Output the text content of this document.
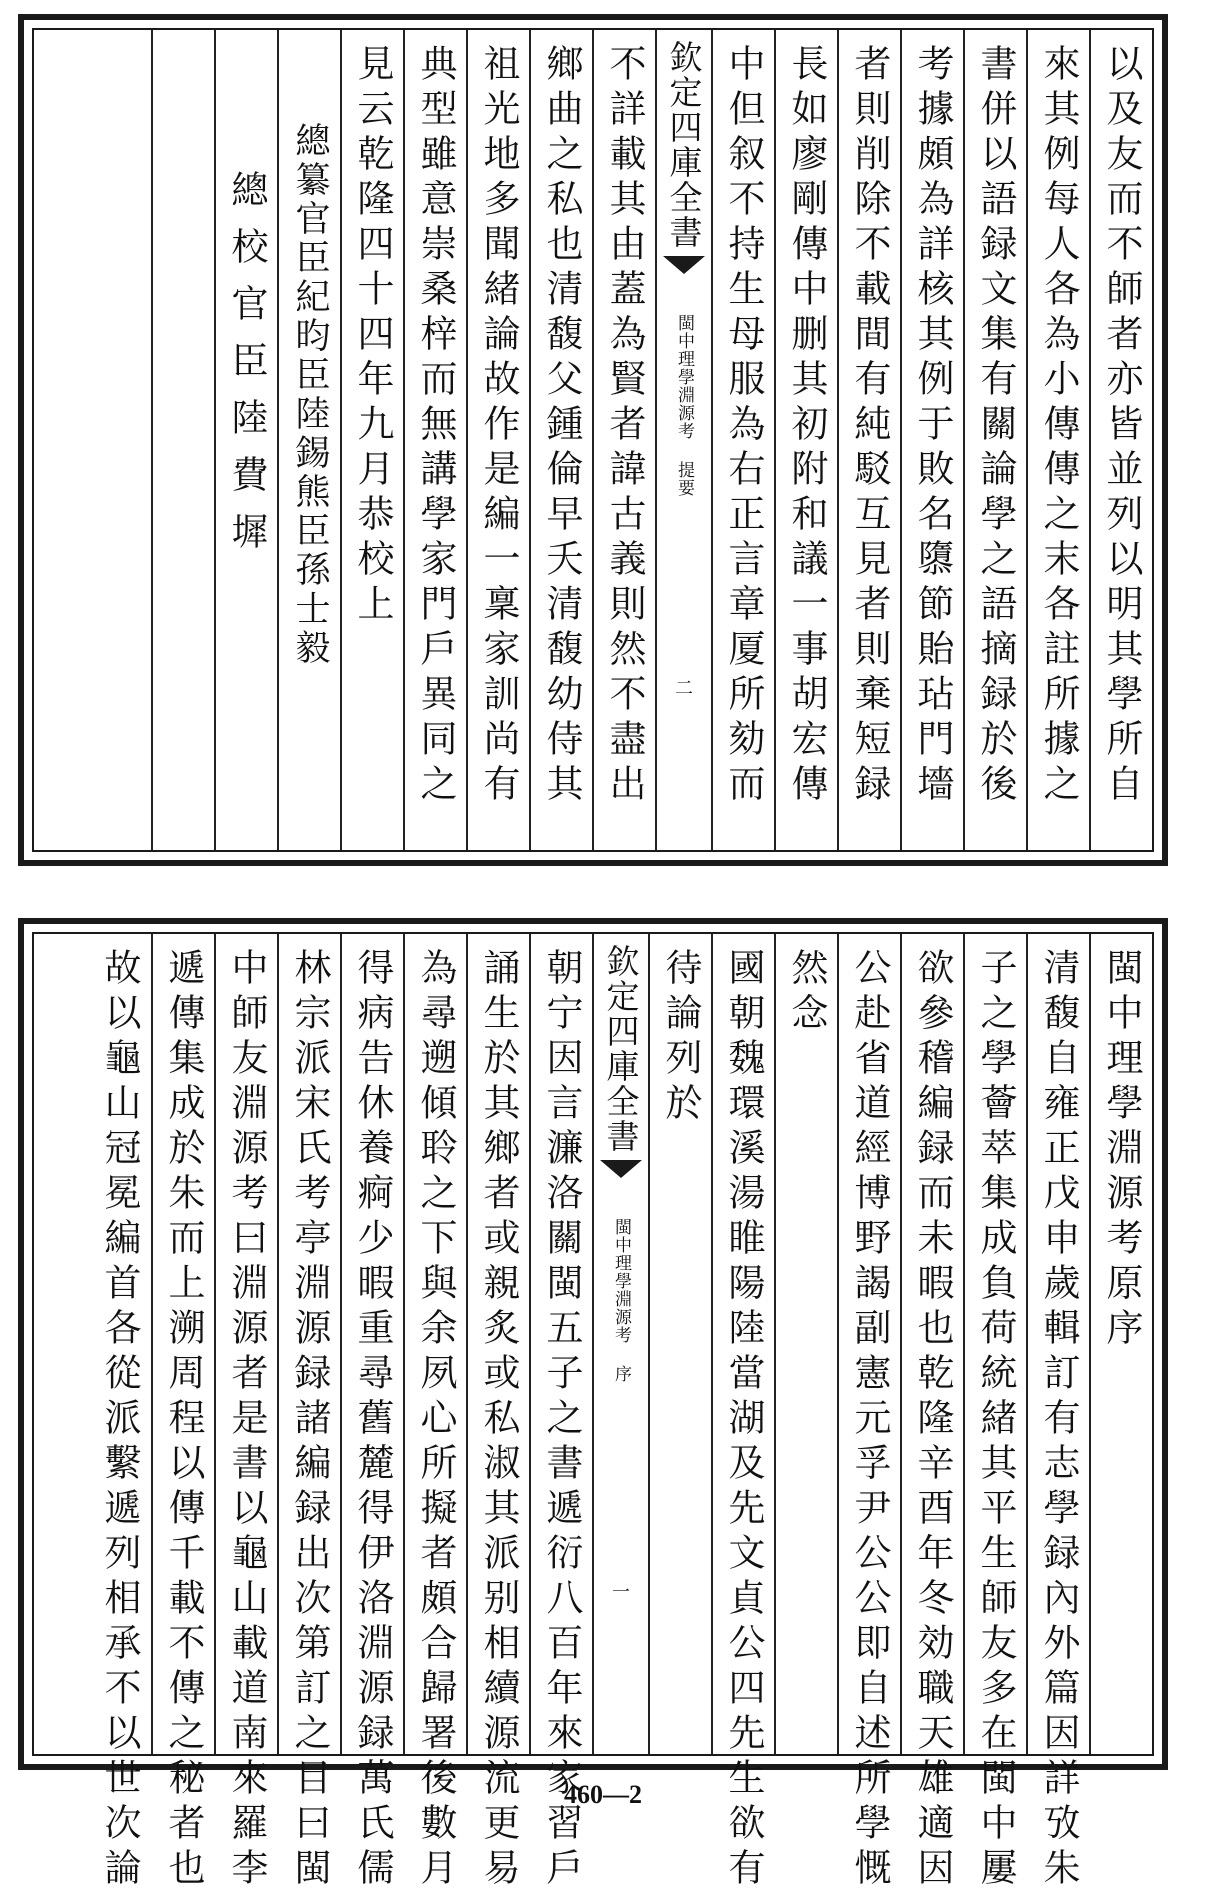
以及友而不師者亦皆並列以明其學所自
來其例每人各為小傳傳之末各註所據之
書併以語録文集有關論學之語摘録於後
考據頗為詳核其例于敗名隳節貽玷門墻
者則削除不載間有純駁互見者則棄短録
長如廖剛傳中删其初附和議一事胡宏傳
中但叙不持生母服為右正言章厦所劾而
欽定四庫全書
閩中理學淵源考 提要
二
不詳載其由蓋為賢者諱古義則然不盡出
鄉曲之私也清馥父鍾倫早夭清馥幼侍其
祖光地多聞緒論故作是編一稟家訓尚有
典型雖意崇桑梓而無講學家門戶異同之
見云乾隆四十四年九月恭校上
總纂官臣紀昀臣陸錫熊臣孫士毅
總校官臣陸費墀
閩中理學淵源考原序
清馥自雍正戊申歲輯訂有志學録內外篇因詳攷朱
子之學薈萃集成負荷統緒其平生師友多在閩中屢
欲參稽編録而未暇也乾隆辛酉年冬効職天雄適因
公赴省道經博野謁副憲元孚尹公公即自述所學慨
然念
國朝魏環溪湯睢陽陸當湖及先文貞公四先生欲有
待論列於
欽定四庫全書
閩中理學淵源考 序
一
朝宁因言濂洛關閩五子之書遞衍八百年來家習戶
誦生於其鄉者或親炙或私淑其派别相續源流更易
為尋遡傾聆之下與余夙心所擬者頗合歸署後數月
得病告休養痾少暇重尋舊麓得伊洛淵源録萬氏儒
林宗派宋氏考亭淵源録諸編録出次第訂之目曰閩
中師友淵源考曰淵源者是書以龜山載道南來羅李
遞傳集成於朱而上溯周程以傳千載不傳之秘者也
故以龜山冠冕編首各從派繫遞列相承不以世次論	460—2
